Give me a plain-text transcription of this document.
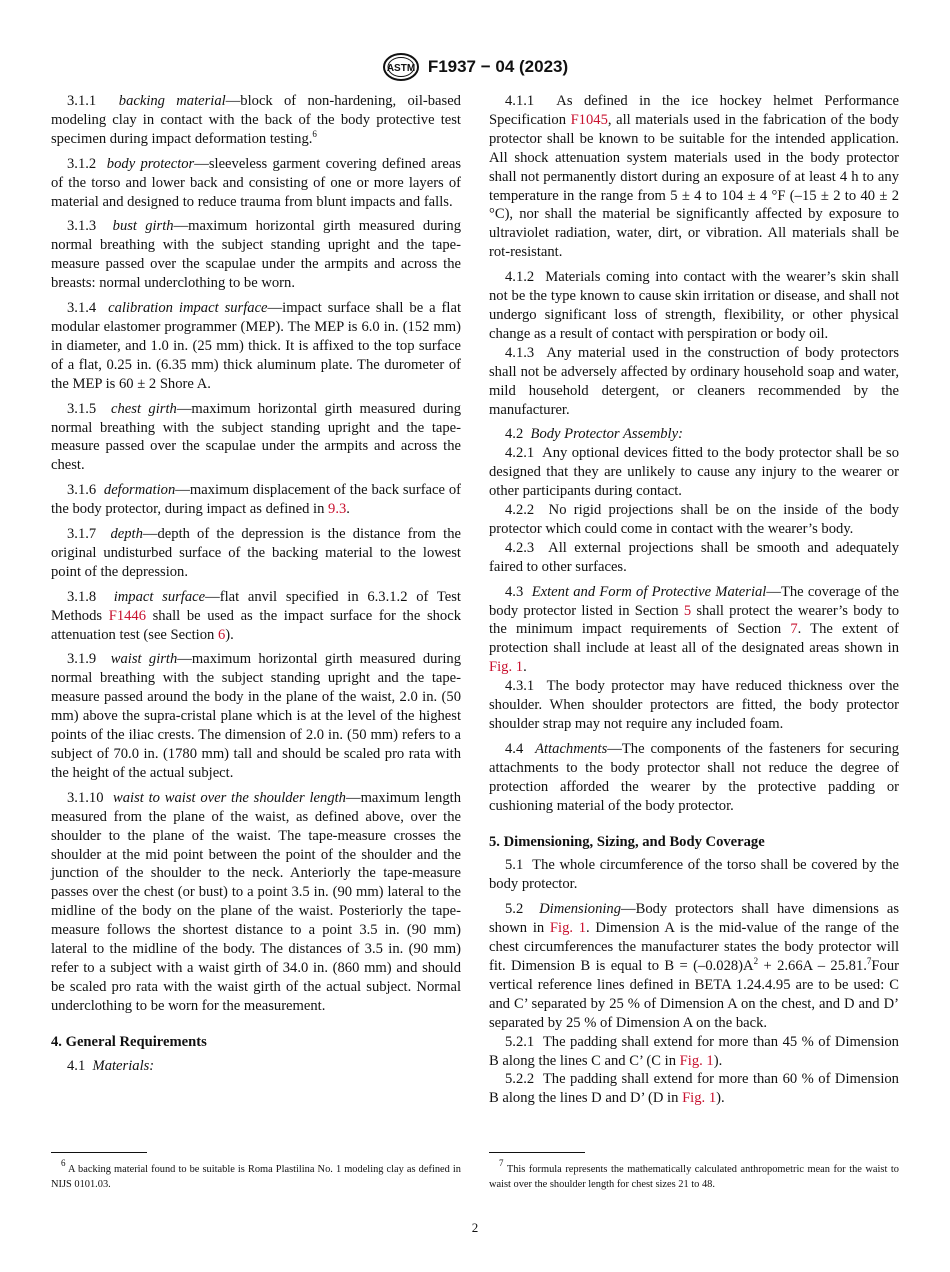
ASTM F1937 − 04 (2023)

3.1.1 backing material—block of non-hardening, oil-based modeling clay in contact with the back of the body protective test specimen during impact deformation testing.$^6$

3.1.2 body protector—sleeveless garment covering defined areas of the torso and lower back and consisting of one or more layers of material and designed to reduce trauma from blunt impacts and falls.

3.1.3 bust girth—maximum horizontal girth measured during normal breathing with the subject standing upright and the tape-measure passed over the scapulae under the armpits and across the breasts: normal underclothing to be worn.

3.1.4 calibration impact surface—impact surface shall be a flat modular elastomer programmer (MEP). The MEP is 6.0 in. (152 mm) in diameter, and 1.0 in. (25 mm) thick. It is affixed to the top surface of a flat, 0.25 in. (6.35 mm) thick aluminum plate. The durometer of the MEP is 60 ± 2 Shore A.

3.1.5 chest girth—maximum horizontal girth measured during normal breathing with the subject standing upright and the tape-measure passed over the scapulae under the armpits and across the chest.

3.1.6 deformation—maximum displacement of the back surface of the body protector, during impact as defined in 9.3.

3.1.7 depth—depth of the depression is the distance from the original undisturbed surface of the backing material to the lowest point of the depression.

3.1.8 impact surface—flat anvil specified in 6.3.1.2 of Test Methods F1446 shall be used as the impact surface for the shock attenuation test (see Section 6).

3.1.9 waist girth—maximum horizontal girth measured during normal breathing with the subject standing upright and the tape-measure passed around the body in the plane of the waist, 2.0 in. (50 mm) above the supra-cristal plane which is at the level of the highest points of the iliac crests. The dimension of 2.0 in. (50 mm) refers to a subject of 70.0 in. (1780 mm) tall and should be scaled pro rata with the height of the actual subject.

3.1.10 waist to waist over the shoulder length—maximum length measured from the plane of the waist, as defined above, over the shoulder to the plane of the waist. The tape-measure crosses the shoulder at the mid point between the point of the shoulder and the junction of the shoulder to the neck. Anteriorly the tape-measure passes over the chest (or bust) to a point 3.5 in. (90 mm) lateral to the midline of the body on the plane of the waist. Posteriorly the tape-measure follows the shortest distance to a point 3.5 in. (90 mm) lateral to the midline of the body. The distances of 3.5 in. (90 mm) refer to a subject with a waist girth of 34.0 in. (860 mm) and should be scaled pro rata with the waist girth of the actual subject. Normal underclothing to be worn for the measurement.

4. General Requirements

4.1 Materials:

4.1.1 As defined in the ice hockey helmet Performance Specification F1045, all materials used in the fabrication of the body protector shall be known to be suitable for the intended application. All shock attenuation system materials used in the body protector shall not permanently distort during an exposure of at least 4 h to any temperature in the range from 5 ± 4 to 104 ± 4 °F (–15 ± 2 to 40 ± 2 °C), nor shall the material be significantly affected by exposure to ultraviolet radiation, water, dirt, or vibration. All materials shall be rot-resistant.

4.1.2 Materials coming into contact with the wearer’s skin shall not be the type known to cause skin irritation or disease, and shall not undergo significant loss of strength, flexibility, or other physical change as a result of contact with perspiration or body oil.

4.1.3 Any material used in the construction of body protectors shall not be adversely affected by ordinary household soap and water, mild household detergent, or cleaners recommended by the manufacturer.

4.2 Body Protector Assembly:

4.2.1 Any optional devices fitted to the body protector shall be so designed that they are unlikely to cause any injury to the wearer or other participants during contact.

4.2.2 No rigid projections shall be on the inside of the body protector which could come in contact with the wearer’s body.

4.2.3 All external projections shall be smooth and adequately faired to other surfaces.

4.3 Extent and Form of Protective Material—The coverage of the body protector listed in Section 5 shall protect the wearer’s body to the minimum impact requirements of Section 7. The extent of protection shall include at least all of the designated areas shown in Fig. 1.

4.3.1 The body protector may have reduced thickness over the shoulder. When shoulder protectors are fitted, the body protector shoulder strap may not require any included foam.

4.4 Attachments—The components of the fasteners for securing attachments to the body protector shall not reduce the degree of protection afforded the wearer by the protective padding or cushioning material of the body protector.

5. Dimensioning, Sizing, and Body Coverage

5.1 The whole circumference of the torso shall be covered by the body protector.

5.2 Dimensioning—Body protectors shall have dimensions as shown in Fig. 1. Dimension A is the mid-value of the range of the chest circumferences the manufacturer states the body protector will fit. Dimension B is equal to $B = (-0.028)A^2 + 2.66A$ – 25.81.$^7$Four vertical reference lines defined in BETA 1.24.4.95 are to be used: C and C’ separated by 25 % of Dimension A on the chest, and D and D’ separated by 25 % of Dimension A on the back.

5.2.1 The padding shall extend for more than 45 % of Dimension B along the lines C and C’ (C in Fig. 1).

5.2.2 The padding shall extend for more than 60 % of Dimension B along the lines D and D’ (D in Fig. 1).

$^6$ A backing material found to be suitable is Roma Plastilina No. 1 modeling clay as defined in NIJS 0101.03.

$^7$ This formula represents the mathematically calculated anthropometric mean for the waist to waist over the shoulder length for chest sizes 21 to 48.

2
